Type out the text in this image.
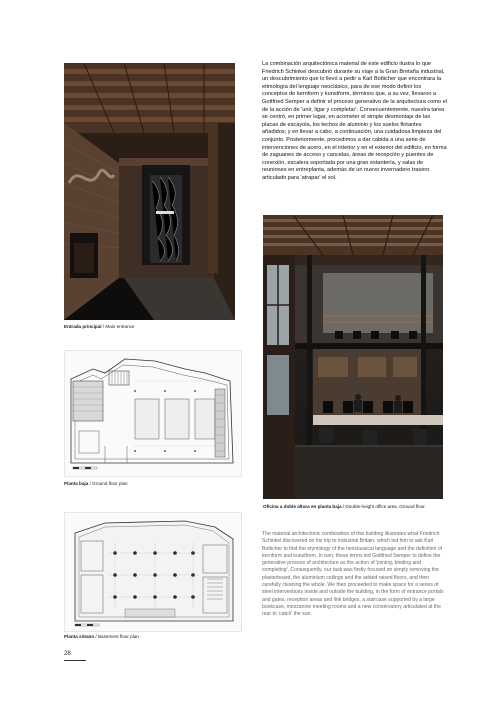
Entrada principal / Main entrance
Planta baja / Ground floor plan
Planta sótano / Basement floor plan

La combinación arquitectónica material de este edificio ilustra lo que Friedrich Schinkel descubrió durante su viaje a la Gran Bretaña industrial, un descubrimiento que lo llevó a pedir a Karl Botticher que encontrara la etimología del lenguaje neoclásico, para de ese modo definir los conceptos de kernform y kunstform, términos que, a su vez, llevaron a Gottfried Semper a definir el proceso generativo de la arquitectura como el de la acción de 'unir, ligar y completar'. Consecuentemente, nuestra tarea se centró, en primer lugar, en acometer el simple desmontaje de las placas de escayola, los techos de aluminio y los suelos flotantes añadidos; y en llevar a cabo, a continuación, una cuidadosa limpieza del conjunto. Posteriormente, procedimos a dar cabida a una serie de intervenciones de acero, en el interior y en el exterior del edificio, en forma de zaguanes de acceso y cancelas, áreas de recepción y puentes de conexión, escalera soportada por una gran estantería, y salas de reuniones en entreplanta, además de un nuevo invernadero trasero articulado para 'atrapar' el sol.

Oficina a doble altura en planta baja / Double-height office area. Ground floor.

The material architectonic combination of this building illustrates what Friedrich Schinkel discovered on his trip to industrial Britain, which led him to ask Karl Botticher to find the etymology of the neoclassical language and the definition of kernform and kunstform. In turn, these terms led Gottfried Semper to define the generative process of architecture as the action of 'joining, binding and completing'. Consequently, our task was firstly focused on simply removing the plasterboard, the aluminium ceilings and the added raised floors, and then carefully cleaning the whole. We then proceeded to make space for a series of steel interventions inside and outside the building, in the form of entrance portals and gates, reception areas and link bridges, a staircase supported by a large bookcase, mezzanine meeting rooms and a new conservatory articulated at the rear to 'catch' the sun.

28
